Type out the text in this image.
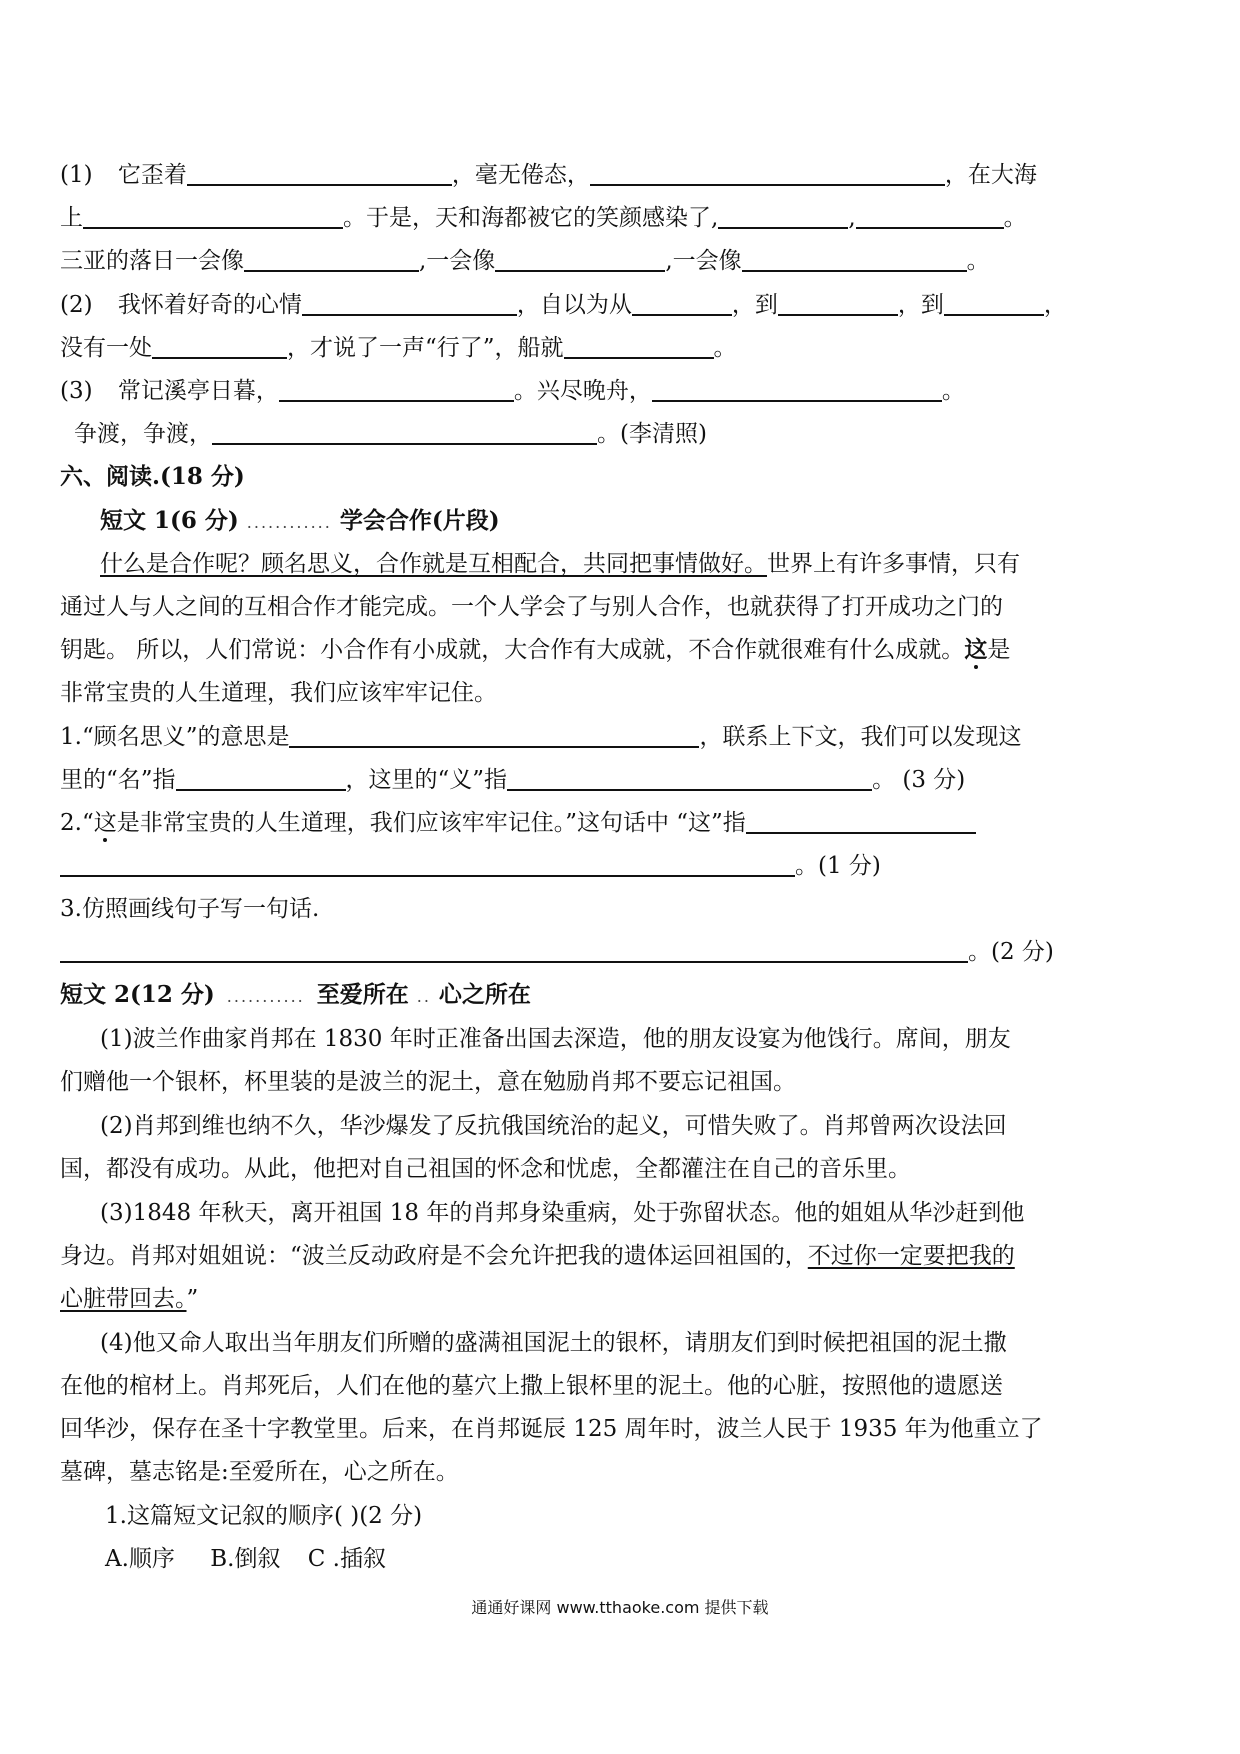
(1) 它歪着	，毫无倦态，	，在大海
上	。于是，天和海都被它的笑颜感染了,	,	。
三亚的落日一会像	,一会像	,一会像	。
(2) 我怀着好奇的心情	，自以为从	，到	，到	，
没有一处	，才说了一声“行了”，船就	。
(3) 常记溪亭日暮，	。兴尽晚舟，	。
争渡，争渡，	。(李清照)
六、阅读.(18 分)
短文 1(6 分) ............ 学会合作(片段)
什么是合作呢？顾名思义，合作就是互相配合，共同把事情做好。世界上有许多事情，只有
通过人与人之间的互相合作才能完成。一个人学会了与别人合作，也就获得了打开成功之门的
钥匙。 所以，人们常说：小合作有小成就，大合作有大成就，不合作就很难有什么成就。这是
非常宝贵的人生道理，我们应该牢牢记住。
1.“顾名思义”的意思是	，联系上下文，我们可以发现这
里的“名”指	，这里的“义”指	。 (3 分)
2.“这是非常宝贵的人生道理，我们应该牢牢记住。”这句话中 “这”指
。(1 分)
3.仿照画线句子写一句话.
。(2 分)
短文 2(12 分) ........... 至爱所在 .. 心之所在
(1)波兰作曲家肖邦在 1830 年时正准备出国去深造，他的朋友设宴为他饯行。席间，朋友
们赠他一个银杯，杯里装的是波兰的泥土，意在勉励肖邦不要忘记祖国。
(2)肖邦到维也纳不久，华沙爆发了反抗俄国统治的起义，可惜失败了。肖邦曾两次设法回
国，都没有成功。从此，他把对自己祖国的怀念和忧虑，全都灌注在自己的音乐里。
(3)1848 年秋天，离开祖国 18 年的肖邦身染重病，处于弥留状态。他的姐姐从华沙赶到他
身边。肖邦对姐姐说：“波兰反动政府是不会允许把我的遗体运回祖国的，不过你一定要把我的
心脏带回去。”
(4)他又命人取出当年朋友们所赠的盛满祖国泥土的银杯，请朋友们到时候把祖国的泥土撒
在他的棺材上。肖邦死后，人们在他的墓穴上撒上银杯里的泥土。他的心脏，按照他的遗愿送
回华沙，保存在圣十字教堂里。后来，在肖邦诞辰 125 周年时，波兰人民于 1935 年为他重立了
墓碑，墓志铭是:至爱所在，心之所在。
1.这篇短文记叙的顺序( )(2 分)
A.顺序 B.倒叙 C .插叙
通通好课网 www.tthaoke.com 提供下载
